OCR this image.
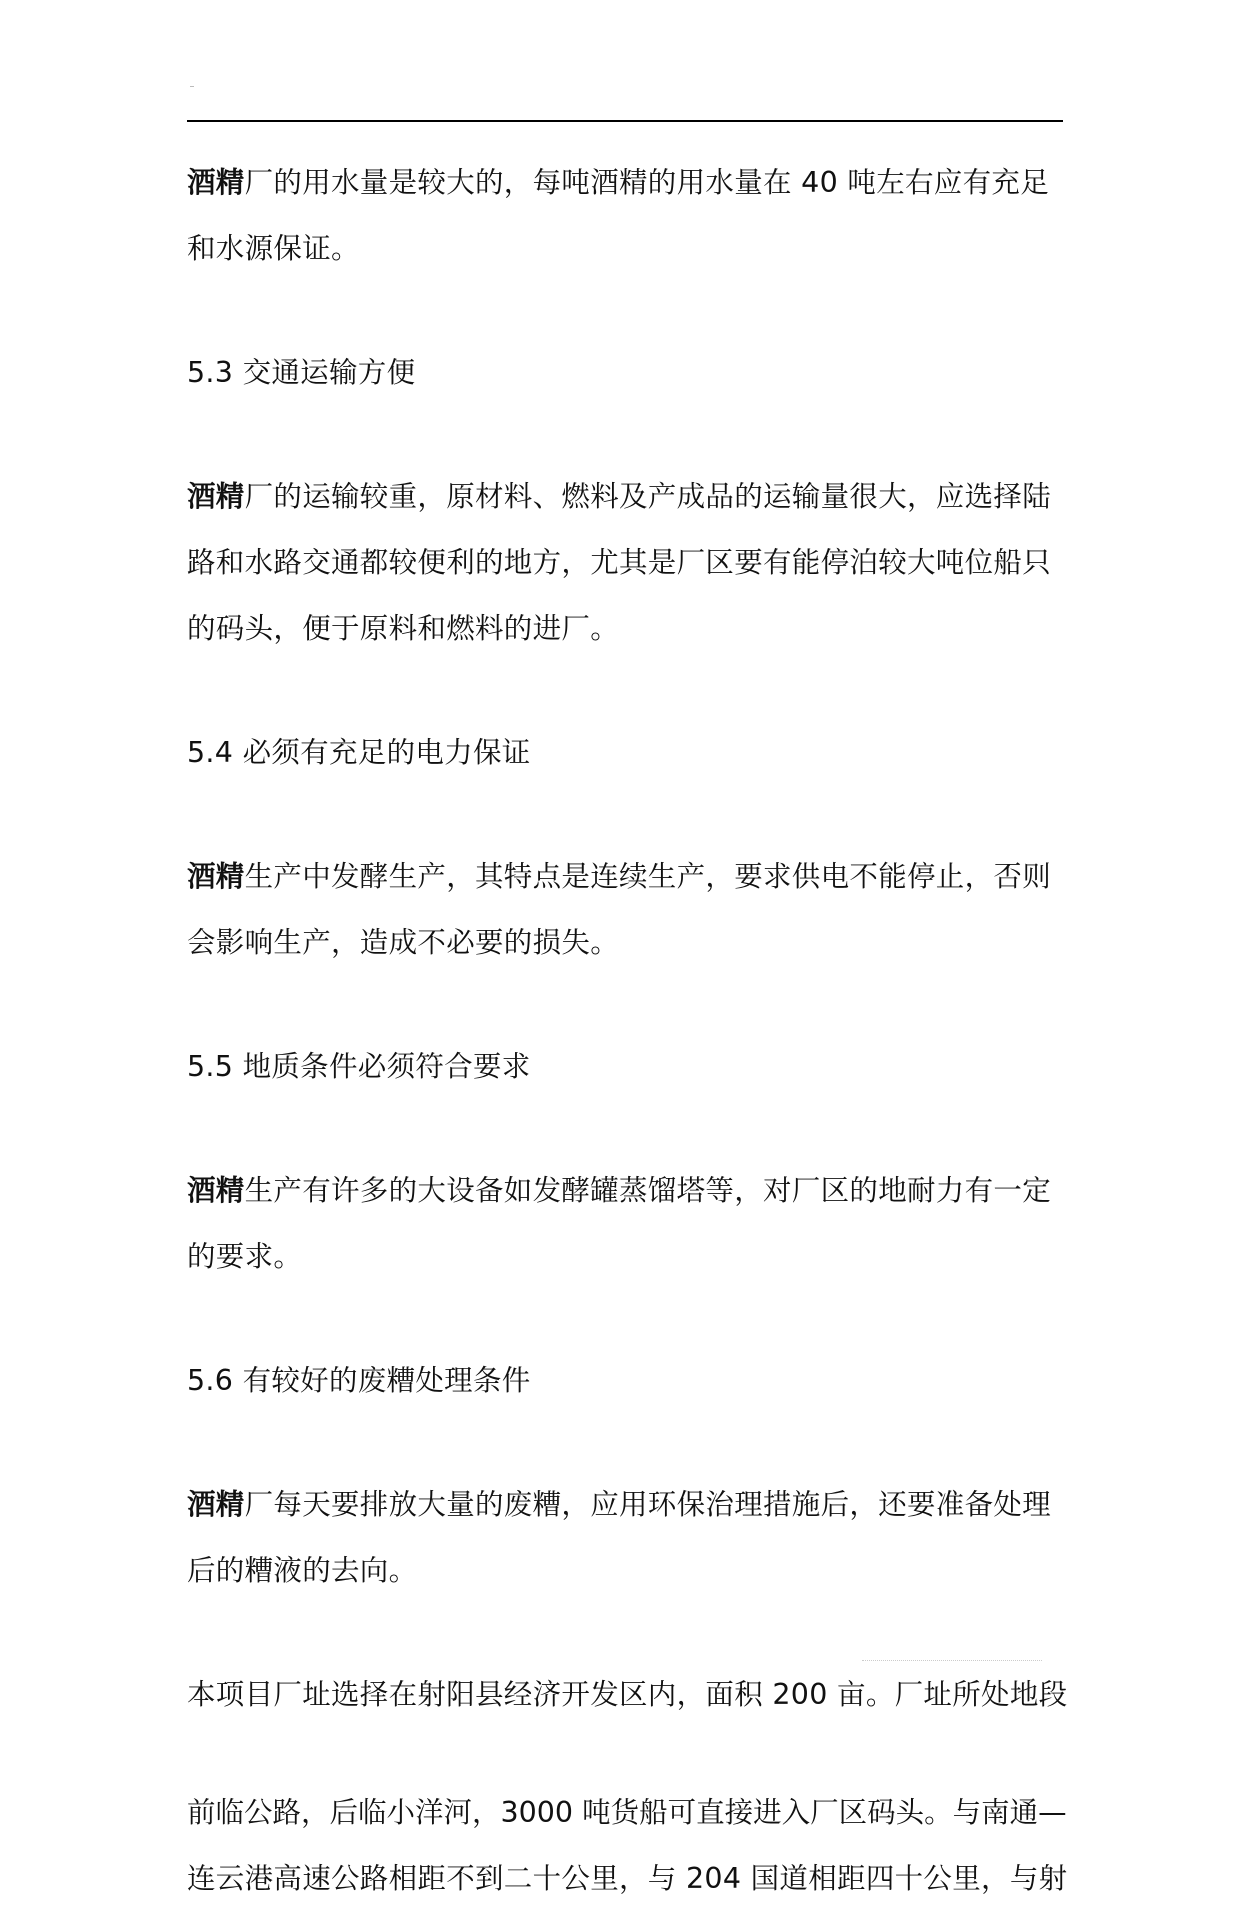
酒精厂的用水量是较大的，每吨酒精的用水量在 40 吨左右应有充足
和水源保证。

5.3 交通运输方便

酒精厂的运输较重，原材料、燃料及产成品的运输量很大，应选择陆
路和水路交通都较便利的地方，尤其是厂区要有能停泊较大吨位船只
的码头，便于原料和燃料的进厂。

5.4 必须有充足的电力保证

酒精生产中发酵生产，其特点是连续生产，要求供电不能停止，否则
会影响生产，造成不必要的损失。

5.5 地质条件必须符合要求

酒精生产有许多的大设备如发酵罐蒸馏塔等，对厂区的地耐力有一定
的要求。

5.6 有较好的废糟处理条件

酒精厂每天要排放大量的废糟，应用环保治理措施后，还要准备处理
后的糟液的去向。

本项目厂址选择在射阳县经济开发区内，面积 200 亩。厂址所处地段

前临公路，后临小洋河，3000 吨货船可直接进入厂区码头。与南通—
连云港高速公路相距不到二十公里，与 204 国道相距四十公里，与射
